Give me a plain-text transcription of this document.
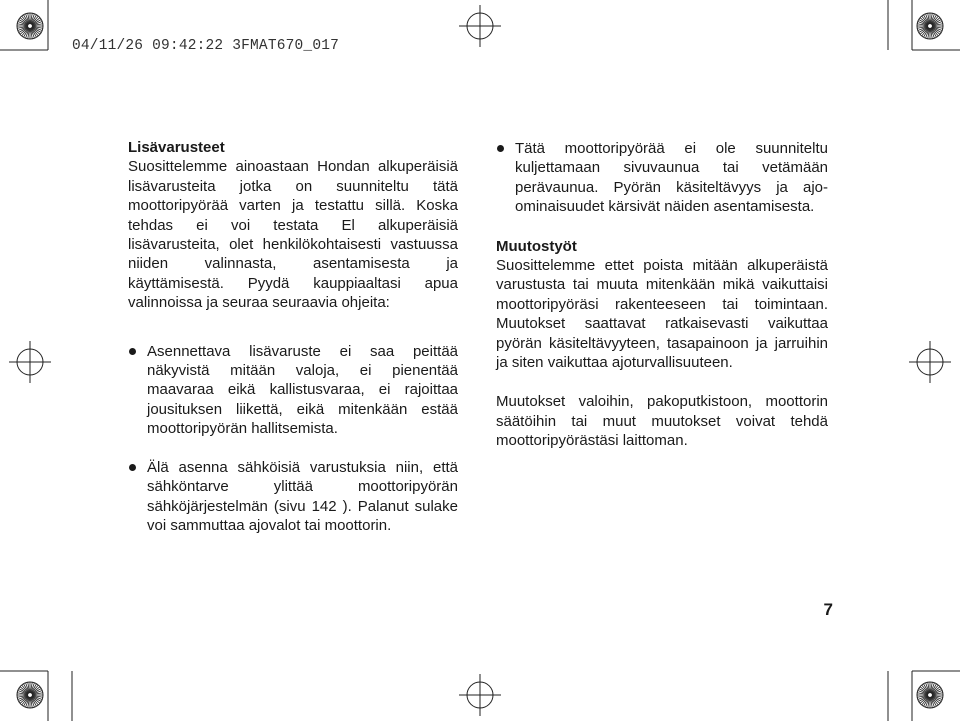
04/11/26 09:42:22 3FMAT670_017
Lisävarusteet

Suosittelemme ainoastaan Hondan alkuperäisiä lisävarusteita jotka on suunniteltu tätä moottoripyörää varten ja testattu sillä. Koska tehdas ei voi testata El alkuperäisiä lisävarusteita, olet henkilökohtaisesti vastuussa niiden valinnasta, asentamisesta ja käyttämisestä. Pyydä kauppiaaltasi apua valinnoissa ja seuraa seuraavia ohjeita:

Asennettava lisävaruste ei saa peittää näkyvistä mitään valoja, ei pienentää maavaraa eikä kallistusvaraa, ei rajoittaa jousituksen liikettä, eikä mitenkään estää moottoripyörän hallitsemista.
Älä asenna sähköisiä varustuksia niin, että sähköntarve ylittää moottoripyörän sähköjärjestelmän (sivu 142 ). Palanut sulake voi sammuttaa ajovalot tai moottorin.
Tätä moottoripyörää ei ole suunniteltu kuljettamaan sivuvaunua tai vetämään perävaunua. Pyörän käsiteltävyys ja ajo-ominaisuudet kärsivät näiden asentamisesta.
Muutostyöt

Suosittelemme ettet poista mitään alkuperäistä varustusta tai muuta mitenkään mikä vaikuttaisi moottoripyöräsi rakenteeseen tai toimintaan. Muutokset saattavat ratkaisevasti vaikuttaa pyörän käsiteltävyyteen, tasapainoon ja jarruihin ja siten vaikuttaa ajoturvallisuuteen.

Muutokset valoihin, pakoputkistoon, moottorin säätöihin tai muut muutokset voivat tehdä moottoripyörästäsi laittoman.

7
